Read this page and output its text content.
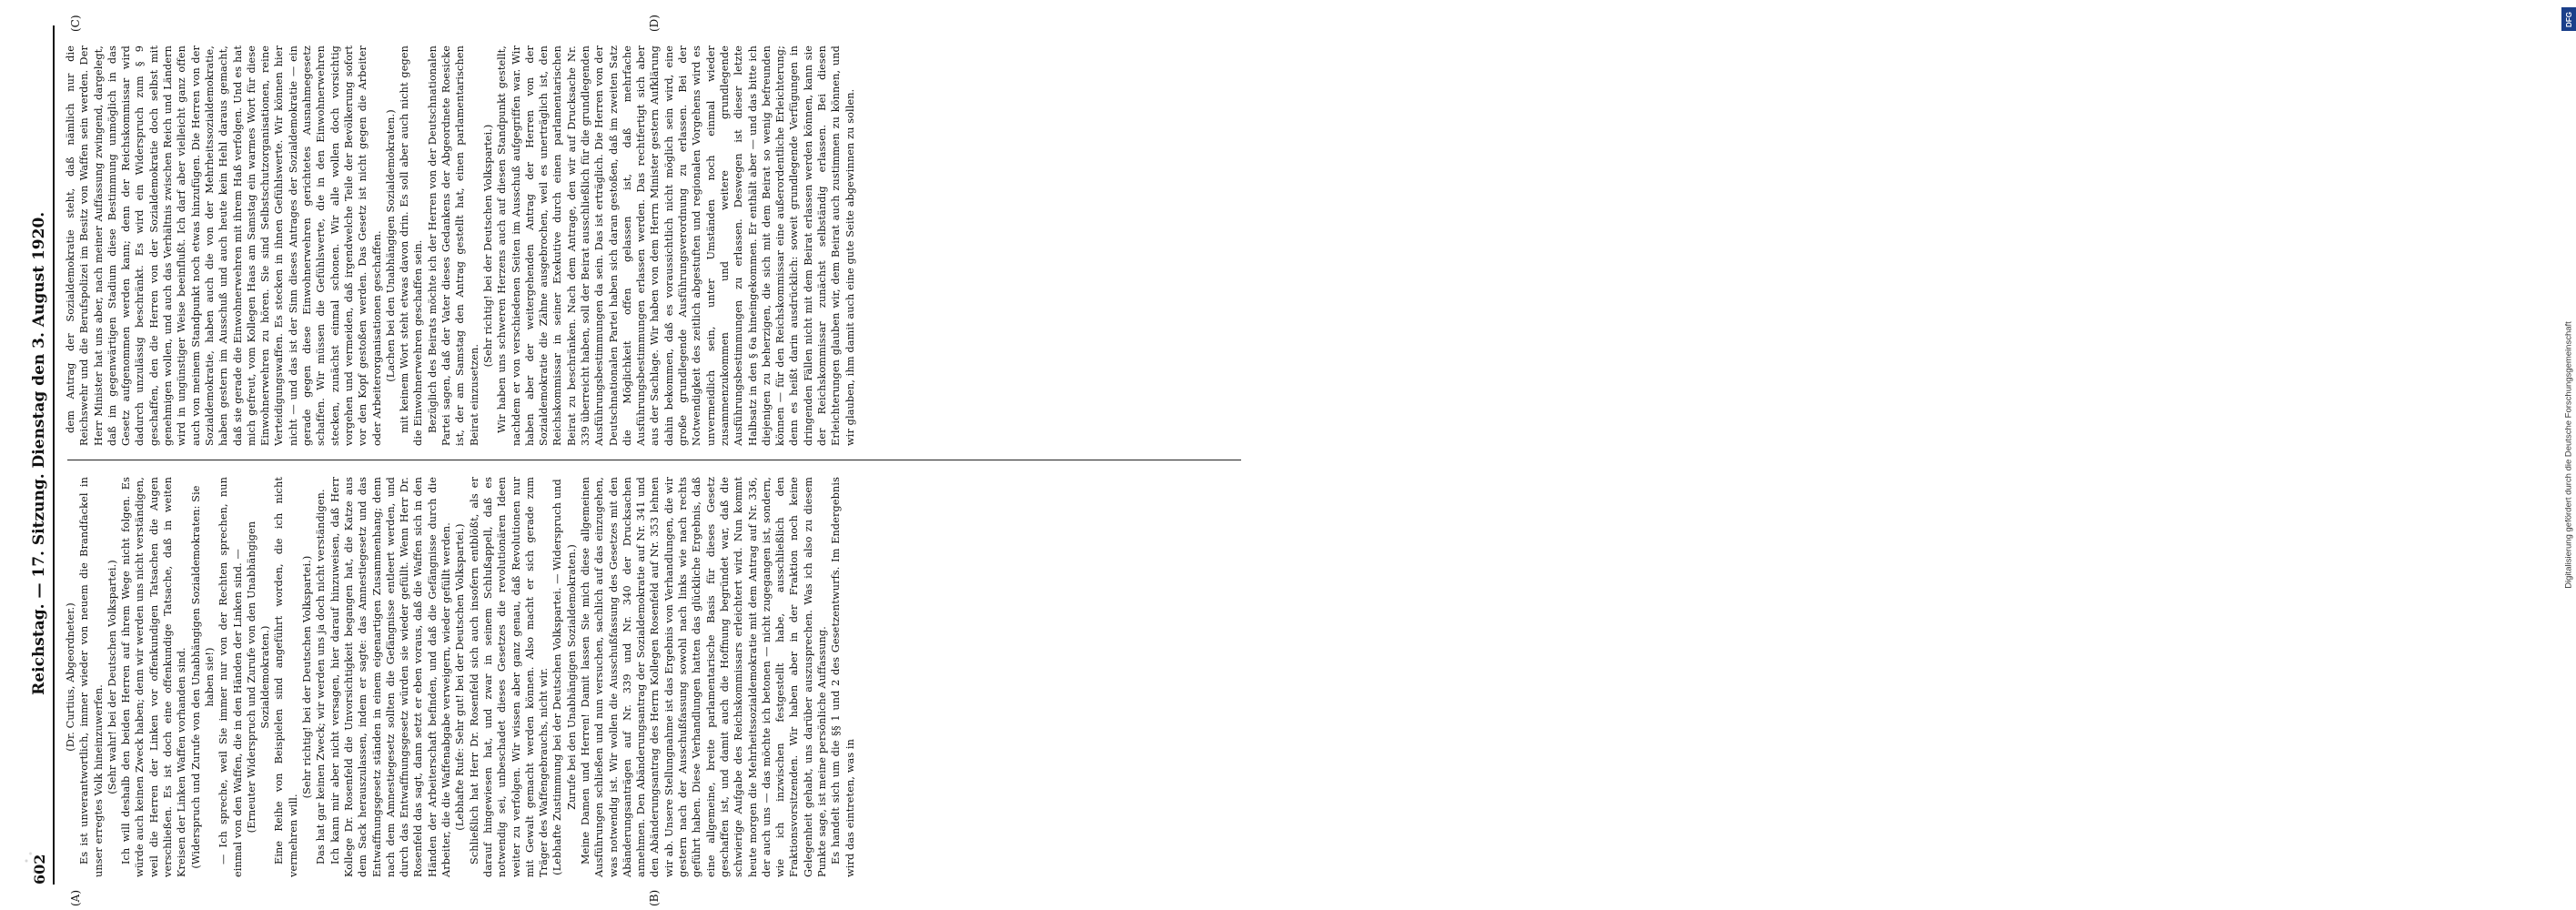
602
Reichstag. — 17. Sitzung. Dienstag den 3. August 1920.
(A)	(B)
(C)	(D)

(Dr. Curtius, Abgeordneter.) Es ist unverantwortlich, immer wieder von neuem die Brandfackel in unser erregtes Volk hineinzuwerfen. (Sehr wahr! bei der Deutschen Volkspartei.) Ich will deshalb den beiden Herren auf ihrem Wege nicht folgen. Es würde auch keinen Zweck haben; denn wir werden uns nicht verständigen, weil die Herren der Linken vor offenkundigen Tatsachen die Augen verschließen. Es ist doch eine offenkundige Tatsache, daß in weiten Kreisen der Linken Waffen vorhanden sind. (Widerspruch und Zurufe von den Unabhängigen Sozialdemokraten: Sie haben sie!) — Ich spreche, weil Sie immer nur von der Rechten sprechen, nun einmal von den Waffen, die in den Händen der Linken sind. — (Erneuter Widerspruch und Zurufe von den Unabhängigen Sozialdemokraten.) Eine Reihe von Beispielen sind angeführt worden, die ich nicht vermehren will.

(Sehr richtig! bei der Deutschen Volkspartei.) Das hat gar keinen Zweck; wir werden uns ja doch nicht verständigen. Ich kann mir aber nicht versagen, hier darauf hinzuweisen, daß Herr Kollege Dr. Rosenfeld die Unvorsichtigkeit begangen hat, die Katze aus dem Sack herauszulassen, indem er sagte: das Amnestiegesetz und das Entwaffnungsgesetz ständen in einem eigenartigen Zusammenhang; denn nach dem Amnestiegesetz sollten die Gefängnisse entleert werden, und durch das Entwaffnungsgesetz würden sie wieder gefüllt. Wenn Herr Dr. Rosenfeld das sagt, dann setzt er eben voraus, daß die Waffen sich in den Händen der Arbeiterschaft befinden, und daß die Gefängnisse durch die Arbeiter, die die Waffenabgabe verweigern, wieder gefüllt werden. (Lebhafte Rufe: Sehr gut! bei der Deutschen Volkspartei.) Schließlich hat Herr Dr. Rosenfeld sich auch insofern entblößt, als er darauf hingewiesen hat, und zwar in seinem Schlußappell, daß es notwendig sei, unbeschadet dieses Gesetzes die revolutionären Ideen weiter zu verfolgen. Wir wissen aber ganz genau, daß Revolutionen nur mit Gewalt gemacht werden können. Also macht er sich gerade zum Träger des Waffengebrauchs, nicht wir. (Lebhafte Zustimmung bei der Deutschen Volkspartei. — Widerspruch und Zurufe bei den Unabhängigen Sozialdemokraten.) Meine Damen und Herren! Damit lassen Sie mich diese allgemeinen Ausführungen schließen und nun versuchen, sachlich auf das einzugehen, was notwendig ist. Wir wollen die Ausschußfassung des Gesetzes mit den Abänderungsanträgen auf Nr. 339 und Nr. 340 der Drucksachen annehmen. Den Abänderungsantrag der Sozialdemokratie auf Nr. 341 und den Abänderungsantrag des Herrn Kollegen Rosenfeld auf Nr. 353 lehnen wir ab. Unsere Stellungnahme ist das Ergebnis von Verhandlungen, die wir gestern nach der Ausschußfassung sowohl nach links wie nach rechts geführt haben. Diese Verhandlungen hatten das glückliche Ergebnis, daß eine allgemeine, breite parlamentarische Basis für dieses Gesetz geschaffen ist, und damit auch die Hoffnung begründet war, daß die schwierige Aufgabe des Reichskommissars erleichtert wird. Nun kommt heute morgen die Mehrheitssozialdemokratie mit dem Antrag auf Nr. 336, der auch uns — das möchte ich betonen — nicht zugegangen ist, sondern, wie ich inzwischen festgestellt habe, ausschließlich den Fraktionsvorsitzenden. Wir haben aber in der Fraktion noch keine Gelegenheit gehabt, uns darüber auszusprechen. Was ich also zu diesem Punkte sage, ist meine persönliche Auffassung. Es handelt sich um die §§ 1 und 2 des Gesetzentwurfs. Im Endergebnis wird das eintreten, was in

dem Antrag der Sozialdemokratie steht, daß nämlich nur die Reichswehr und die Berufspolizei im Besitz von Waffen sein werden. Der Herr Minister hat uns aber, nach meiner Auffassung zwingend, dargelegt, daß im gegenwärtigen Stadium diese Bestimmung unmöglich in das Gesetz aufgenommen werden kann; denn der Reichskommissar wird dadurch unzulässig beschränkt. Es wird ein Widerspruch zum § 9 geschaffen, den die Herren von der Sozialdemokratie doch selbst mit genehmigen wollen, und auch das Verhältnis zwischen Reich und Ländern wird in ungünstiger Weise beeinflußt. Ich darf aber vielleicht ganz offen auch von meinem Standpunkt noch etwas hinzufügen. Die Herren von der Sozialdemokratie, haben auch die von der Mehrheitssozialdemokratie, haben gestern im Ausschuß und auch heute kein Hehl daraus gemacht, daß sie gerade die Einwohnerwehren mit ihrem Haß verfolgen. Und es hat mich gefreut, vom Kollegen Haas am Samstag ein warmes Wort für diese Einwohnerwehren zu hören. Sie sind Selbstschutzorganisationen, reine Verteidigungswaffen. Es stecken in ihnen Gefühlswerte. Wir können hier nicht — und das ist der Sinn dieses Antrages der Sozialdemokratie — ein gerade gegen diese Einwohnerwehren gerichtetes Ausnahmegesetz schaffen. Wir müssen die Gefühlswerte, die in den Einwohnerwehren stecken, zunächst einmal schonen. Wir alle wollen doch vorsichtig vorgehen und vermeiden, daß irgendwelche Teile der Bevölkerung sofort vor den Kopf gestoßen werden. Das Gesetz ist nicht gegen die Arbeiter oder Arbeiterorganisationen geschaffen. (Lachen bei den Unabhängigen Sozialdemokraten.) mit keinem Wort steht etwas davon drin. Es soll aber auch nicht gegen die Einwohnerwehren geschaffen sein. Bezüglich des Beirats möchte ich der Herren von der Deutschnationalen Partei sagen, daß der Vater dieses Gedankens der Abgeordnete Roesicke ist, der am Samstag den Antrag gestellt hat, einen parlamentarischen Beirat einzusetzen.

(Sehr richtig! bei der Deutschen Volkspartei.) Wir haben uns schweren Herzens auch auf diesen Standpunkt gestellt, nachdem er von verschiedenen Seiten im Ausschuß aufgegriffen war. Wir haben aber der weitergehenden Antrag der Herren von der Sozialdemokratie die Zähne ausgebrochen, weil es unerträglich ist, den Reichskommissar in seiner Exekutive durch einen parlamentarischen Beirat zu beschränken. Nach dem Antrage, den wir auf Drucksache Nr. 339 überreicht haben, soll der Beirat ausschließlich für die grundlegenden Ausführungsbestimmungen da sein. Das ist erträglich. Die Herren von der Deutschnationalen Partei haben sich daran gestoßen, daß im zweiten Satz die Möglichkeit offen gelassen ist, daß mehrfache Ausführungsbestimmungen erlassen werden. Das rechtfertigt sich aber aus der Sachlage. Wir haben von dem Herrn Minister gestern Aufklärung dahin bekommen, daß es voraussichtlich nicht möglich sein wird, eine große grundlegende Ausführungsverordnung zu erlassen. Bei der Notwendigkeit des zeitlich abgestuften und regionalen Vorgehens wird es unvermeidlich sein, unter Umständen noch einmal wieder zusammenzukommen und weitere grundlegende Ausführungsbestimmungen zu erlassen. Deswegen ist dieser letzte Halbsatz in den § 6a hineingekommen. Er enthält aber — und das bitte ich diejenigen zu beherzigen, die sich mit dem Beirat so wenig befreunden können — für den Reichskommissar eine außerordentliche Erleichterung; denn es heißt darin ausdrücklich: soweit grundlegende Verfügungen in dringenden Fällen nicht mit dem Beirat erlassen werden können, kann sie der Reichskommissar zunächst selbständig erlassen. Bei diesen Erleichterungen glauben wir, dem Beirat auch zustimmen zu können, und wir glauben, ihm damit auch eine gute Seite abgewinnen zu sollen.

DFG
Digitalisierung gefördert durch die Deutsche Forschungsgemeinschaft
